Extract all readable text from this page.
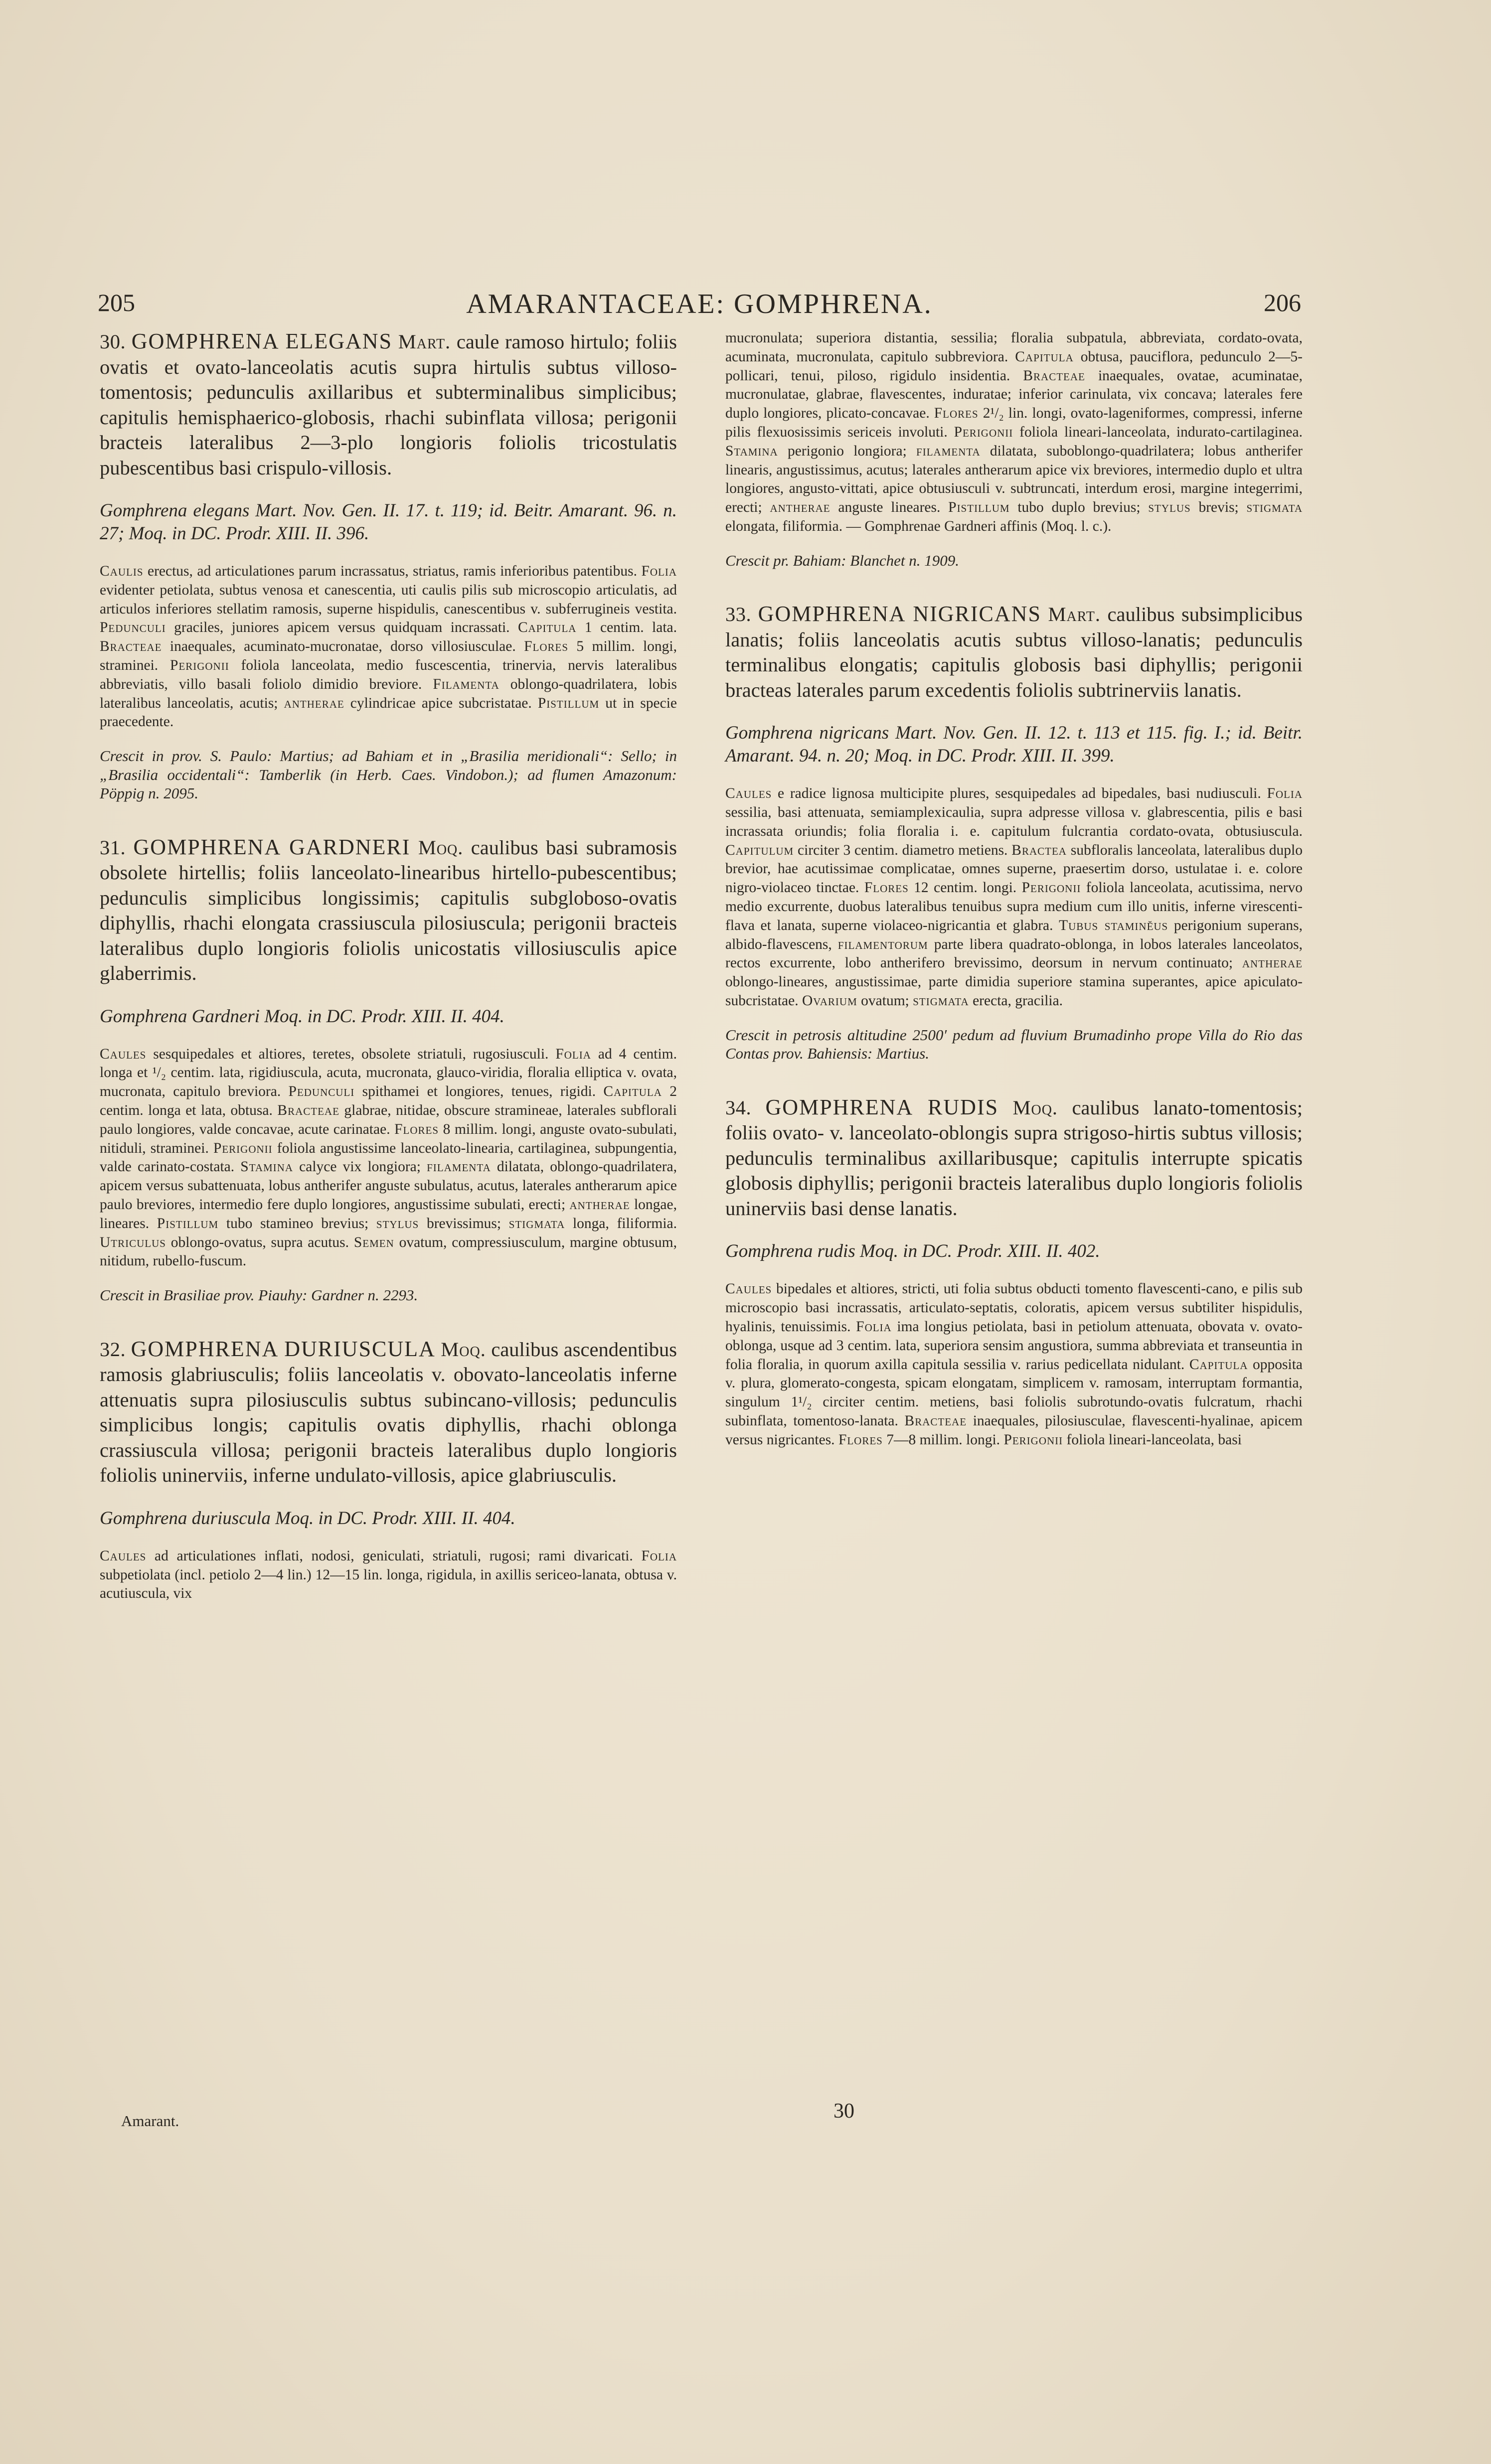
205	AMARANTACEAE: GOMPHRENA.	206

30. GOMPHRENA ELEGANS Mart. caule ramoso hirtulo; foliis ovatis et ovato-lanceolatis acutis supra hirtulis subtus villoso-tomentosis; pedunculis axillaribus et subterminalibus simplicibus; capitulis hemisphaerico-globosis, rhachi subinflata villosa; perigonii bracteis lateralibus 2—3-plo longioris foliolis tricostulatis pubescentibus basi crispulo-villosis.

Gomphrena elegans Mart. Nov. Gen. II. 17. t. 119; id. Beitr. Amarant. 96. n. 27; Moq. in DC. Prodr. XIII. II. 396.

Caulis erectus, ad articulationes parum incrassatus, striatus, ramis inferioribus patentibus. Folia evidenter petiolata, subtus venosa et canescentia, uti caulis pilis sub microscopio articulatis, ad articulos inferiores stellatim ramosis, superne hispidulis, canescentibus v. subferrugineis vestita. Pedunculi graciles, juniores apicem versus quidquam incrassati. Capitula 1 centim. lata. Bracteae inaequales, acuminato-mucronatae, dorso villosiusculae. Flores 5 millim. longi, straminei. Perigonii foliola lanceolata, medio fuscescentia, trinervia, nervis lateralibus abbreviatis, villo basali foliolo dimidio breviore. Filamenta oblongo-quadrilatera, lobis lateralibus lanceolatis, acutis; antherae cylindricae apice subcristatae. Pistillum ut in specie praecedente.

Crescit in prov. S. Paulo: Martius; ad Bahiam et in „Brasilia meridionali“: Sello; in „Brasilia occidentali“: Tamberlik (in Herb. Caes. Vindobon.); ad flumen Amazonum: Pöppig n. 2095.

31. GOMPHRENA GARDNERI Moq. caulibus basi subramosis obsolete hirtellis; foliis lanceolato-linearibus hirtello-pubescentibus; pedunculis simplicibus longissimis; capitulis subgloboso-ovatis diphyllis, rhachi elongata crassiuscula pilosiuscula; perigonii bracteis lateralibus duplo longioris foliolis unicostatis villosiusculis apice glaberrimis.

Gomphrena Gardneri Moq. in DC. Prodr. XIII. II. 404.

Caules sesquipedales et altiores, teretes, obsolete striatuli, rugosiusculi. Folia ad 4 centim. longa et ¹/₂ centim. lata, rigidiuscula, acuta, mucronata, glauco-viridia, floralia elliptica v. ovata, mucronata, capitulo breviora. Pedunculi spithamei et longiores, tenues, rigidi. Capitula 2 centim. longa et lata, obtusa. Bracteae glabrae, nitidae, obscure stramineae, laterales subflorali paulo longiores, valde concavae, acute carinatae. Flores 8 millim. longi, anguste ovato-subulati, nitiduli, straminei. Perigonii foliola angustissime lanceolato-linearia, cartilaginea, subpungentia, valde carinato-costata. Stamina calyce vix longiora; filamenta dilatata, oblongo-quadrilatera, apicem versus subattenuata, lobus antherifer anguste subulatus, acutus, laterales antherarum apice paulo breviores, intermedio fere duplo longiores, angustissime subulati, erecti; antherae longae, lineares. Pistillum tubo stamineo brevius; stylus brevissimus; stigmata longa, filiformia. Utriculus oblongo-ovatus, supra acutus. Semen ovatum, compressiusculum, margine obtusum, nitidum, rubello-fuscum.

Crescit in Brasiliae prov. Piauhy: Gardner n. 2293.

32. GOMPHRENA DURIUSCULA Moq. caulibus ascendentibus ramosis glabriusculis; foliis lanceolatis v. obovato-lanceolatis inferne attenuatis supra pilosiusculis subtus subincano-villosis; pedunculis simplicibus longis; capitulis ovatis diphyllis, rhachi oblonga crassiuscula villosa; perigonii bracteis lateralibus duplo longioris foliolis uninerviis, inferne undulato-villosis, apice glabriusculis.

Gomphrena duriuscula Moq. in DC. Prodr. XIII. II. 404.

Caules ad articulationes inflati, nodosi, geniculati, striatuli, rugosi; rami divaricati. Folia subpetiolata (incl. petiolo 2—4 lin.) 12—15 lin. longa, rigidula, in axillis sericeo-lanata, obtusa v. acutiuscula, vix

Amarant.

mucronulata; superiora distantia, sessilia; floralia subpatula, abbreviata, cordato-ovata, acuminata, mucronulata, capitulo subbreviora. Capitula obtusa, pauciflora, pedunculo 2—5-pollicari, tenui, piloso, rigidulo insidentia. Bracteae inaequales, ovatae, acuminatae, mucronulatae, glabrae, flavescentes, induratae; inferior carinulata, vix concava; laterales fere duplo longiores, plicato-concavae. Flores 2¹/₂ lin. longi, ovato-lageniformes, compressi, inferne pilis flexuosissimis sericeis involuti. Perigonii foliola lineari-lanceolata, indurato-cartilaginea. Stamina perigonio longiora; filamenta dilatata, suboblongo-quadrilatera; lobus antherifer linearis, angustissimus, acutus; laterales antherarum apice vix breviores, intermedio duplo et ultra longiores, angusto-vittati, apice obtusiusculi v. subtruncati, interdum erosi, margine integerrimi, erecti; antherae anguste lineares. Pistillum tubo duplo brevius; stylus brevis; stigmata elongata, filiformia. — Gomphrenae Gardneri affinis (Moq. l. c.).

Crescit pr. Bahiam: Blanchet n. 1909.

33. GOMPHRENA NIGRICANS Mart. caulibus subsimplicibus lanatis; foliis lanceolatis acutis subtus villoso-lanatis; pedunculis terminalibus elongatis; capitulis globosis basi diphyllis; perigonii bracteas laterales parum excedentis foliolis subtrinerviis lanatis.

Gomphrena nigricans Mart. Nov. Gen. II. 12. t. 113 et 115. fig. I.; id. Beitr. Amarant. 94. n. 20; Moq. in DC. Prodr. XIII. II. 399.

Caules e radice lignosa multicipite plures, sesquipedales ad bipedales, basi nudiusculi. Folia sessilia, basi attenuata, semiamplexicaulia, supra adpresse villosa v. glabrescentia, pilis e basi incrassata oriundis; folia floralia i. e. capitulum fulcrantia cordato-ovata, obtusiuscula. Capitulum circiter 3 centim. diametro metiens. Bractea subfloralis lanceolata, lateralibus duplo brevior, hae acutissimae complicatae, omnes superne, praesertim dorso, ustulatae i. e. colore nigro-violaceo tinctae. Flores 12 centim. longi. Perigonii foliola lanceolata, acutissima, nervo medio excurrente, duobus lateralibus tenuibus supra medium cum illo unitis, inferne virescenti-flava et lanata, superne violaceo-nigricantia et glabra. Tubus staminĕus perigonium superans, albido-flavescens, filamentorum parte libera quadrato-oblonga, in lobos laterales lanceolatos, rectos excurrente, lobo antherifero brevissimo, deorsum in nervum continuato; antherae oblongo-lineares, angustissimae, parte dimidia superiore stamina superantes, apice apiculato-subcristatae. Ovarium ovatum; stigmata erecta, gracilia.

Crescit in petrosis altitudine 2500′ pedum ad fluvium Brumadinho prope Villa do Rio das Contas prov. Bahiensis: Martius.

34. GOMPHRENA RUDIS Moq. caulibus lanato-tomentosis; foliis ovato- v. lanceolato-oblongis supra strigoso-hirtis subtus villosis; pedunculis terminalibus axillaribusque; capitulis interrupte spicatis globosis diphyllis; perigonii bracteis lateralibus duplo longioris foliolis uninerviis basi dense lanatis.

Gomphrena rudis Moq. in DC. Prodr. XIII. II. 402.

Caules bipedales et altiores, stricti, uti folia subtus obducti tomento flavescenti-cano, e pilis sub microscopio basi incrassatis, articulato-septatis, coloratis, apicem versus subtiliter hispidulis, hyalinis, tenuissimis. Folia ima longius petiolata, basi in petiolum attenuata, obovata v. ovato-oblonga, usque ad 3 centim. lata, superiora sensim angustiora, summa abbreviata et transeuntia in folia floralia, in quorum axilla capitula sessilia v. rarius pedicellata nidulant. Capitula opposita v. plura, glomerato-congesta, spicam elongatam, simplicem v. ramosam, interruptam formantia, singulum 1¹/₂ circiter centim. metiens, basi foliolis subrotundo-ovatis fulcratum, rhachi subinflata, tomentoso-lanata. Bracteae inaequales, pilosiusculae, flavescenti-hyalinae, apicem versus nigricantes. Flores 7—8 millim. longi. Perigonii foliola lineari-lanceolata, basi

30
